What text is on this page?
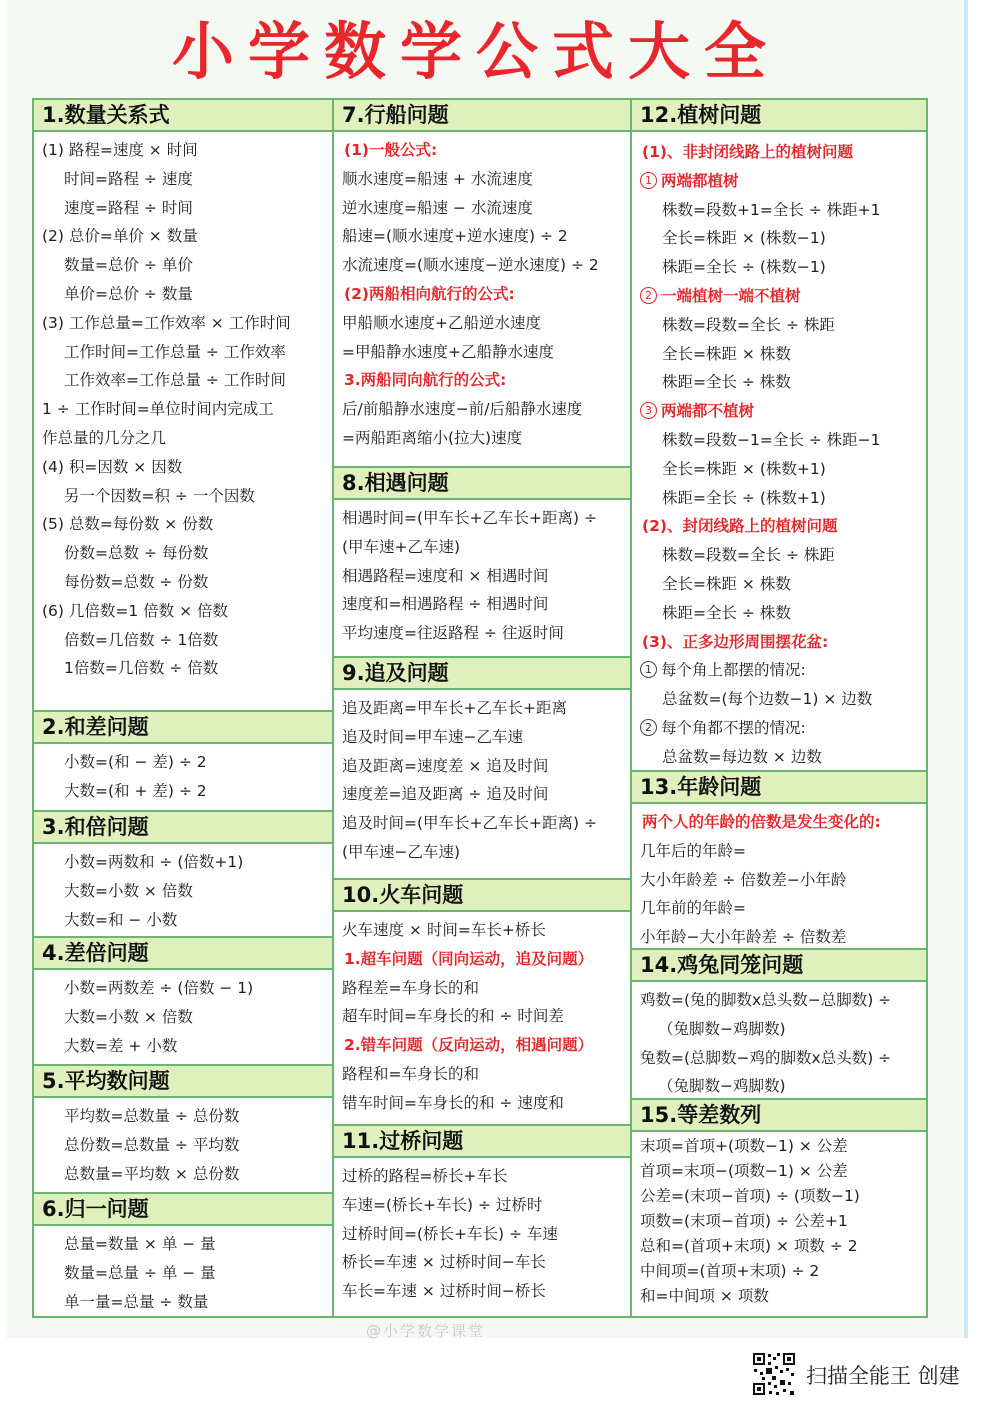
小学数学公式大全
1.数量关系式
(1) 路程=速度 × 时间
时间=路程 ÷ 速度
速度=路程 ÷ 时间
(2) 总价=单价 × 数量
数量=总价 ÷ 单价
单价=总价 ÷ 数量
(3) 工作总量=工作效率 × 工作时间
工作时间=工作总量 ÷ 工作效率
工作效率=工作总量 ÷ 工作时间
1 ÷ 工作时间=单位时间内完成工
作总量的几分之几
(4) 积=因数 × 因数
另一个因数=积 ÷ 一个因数
(5) 总数=每份数 × 份数
份数=总数 ÷ 每份数
每份数=总数 ÷ 份数
(6) 几倍数=1 倍数 × 倍数
倍数=几倍数 ÷ 1倍数
1倍数=几倍数 ÷ 倍数
2.和差问题
小数=(和 − 差) ÷ 2
大数=(和 + 差) ÷ 2
3.和倍问题
小数=两数和 ÷ (倍数+1)
大数=小数 × 倍数
大数=和 − 小数
4.差倍问题
小数=两数差 ÷ (倍数 − 1)
大数=小数 × 倍数
大数=差 + 小数
5.平均数问题
平均数=总数量 ÷ 总份数
总份数=总数量 ÷ 平均数
总数量=平均数 × 总份数
6.归一问题
总量=数量 × 单 − 量
数量=总量 ÷ 单 − 量
单一量=总量 ÷ 数量
7.行船问题
(1)一般公式:
顺水速度=船速 + 水流速度
逆水速度=船速 − 水流速度
船速=(顺水速度+逆水速度) ÷ 2
水流速度=(顺水速度−逆水速度) ÷ 2
(2)两船相向航行的公式:
甲船顺水速度+乙船逆水速度
=甲船静水速度+乙船静水速度
3.两船同向航行的公式:
后/前船静水速度−前/后船静水速度
=两船距离缩小(拉大)速度
8.相遇问题
相遇时间=(甲车长+乙车长+距离) ÷
(甲车速+乙车速)
相遇路程=速度和 × 相遇时间
速度和=相遇路程 ÷ 相遇时间
平均速度=往返路程 ÷ 往返时间
9.追及问题
追及距离=甲车长+乙车长+距离
追及时间=甲车速−乙车速
追及距离=速度差 × 追及时间
速度差=追及距离 ÷ 追及时间
追及时间=(甲车长+乙车长+距离) ÷
(甲车速−乙车速)
10.火车问题
火车速度 × 时间=车长+桥长
1.超车问题（同向运动，追及问题）
路程差=车身长的和
超车时间=车身长的和 ÷ 时间差
2.错车问题（反向运动，相遇问题）
路程和=车身长的和
错车时间=车身长的和 ÷ 速度和
11.过桥问题
过桥的路程=桥长+车长
车速=(桥长+车长) ÷ 过桥时
过桥时间=(桥长+车长) ÷ 车速
桥长=车速 × 过桥时间−车长
车长=车速 × 过桥时间−桥长
12.植树问题
(1)、非封闭线路上的植树问题
1 两端都植树
株数=段数+1=全长 ÷ 株距+1
全长=株距 × (株数−1)
株距=全长 ÷ (株数−1)
2 一端植树一端不植树
株数=段数=全长 ÷ 株距
全长=株距 × 株数
株距=全长 ÷ 株数
3 两端都不植树
株数=段数−1=全长 ÷ 株距−1
全长=株距 × (株数+1)
株距=全长 ÷ (株数+1)
(2)、封闭线路上的植树问题
株数=段数=全长 ÷ 株距
全长=株距 × 株数
株距=全长 ÷ 株数
(3)、正多边形周围摆花盆:
1 每个角上都摆的情况:
总盆数=(每个边数−1) × 边数
2 每个角都不摆的情况:
总盆数=每边数 × 边数
13.年龄问题
两个人的年龄的倍数是发生变化的:
几年后的年龄=
大小年龄差 ÷ 倍数差−小年龄
几年前的年龄=
小年龄−大小年龄差 ÷ 倍数差
14.鸡兔同笼问题
鸡数=(兔的脚数x总头数−总脚数) ÷
（兔脚数−鸡脚数)
兔数=(总脚数−鸡的脚数x总头数) ÷
（兔脚数−鸡脚数)
15.等差数列
末项=首项+(项数−1) × 公差
首项=末项−(项数−1) × 公差
公差=(末项−首项) ÷ (项数−1)
项数=(末项−首项) ÷ 公差+1
总和=(首项+末项) × 项数 ÷ 2
中间项=(首项+末项) ÷ 2
和=中间项 × 项数
@小学数学课堂
扫描全能王 创建
